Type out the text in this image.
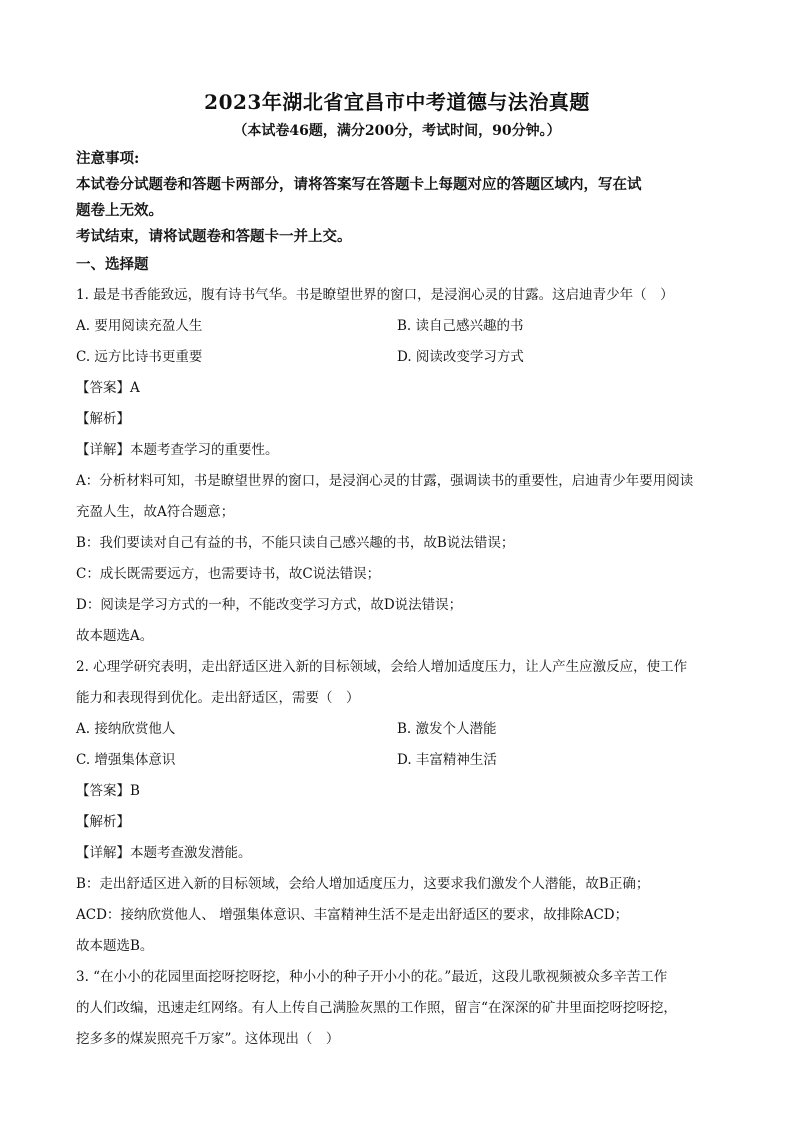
2023年湖北省宜昌市中考道德与法治真题
（本试卷46题，满分200分，考试时间，90分钟。）
注意事项:
本试卷分试题卷和答题卡两部分，请将答案写在答题卡上每题对应的答题区域内，写在试
题卷上无效。
考试结束，请将试题卷和答题卡一并上交。
一、选择题
1. 最是书香能致远，腹有诗书气华。书是瞭望世界的窗口，是浸润心灵的甘露。这启迪青少年（　）
A. 要用阅读充盈人生	B. 读自己感兴趣的书
C. 远方比诗书更重要	D. 阅读改变学习方式
【答案】A
【解析】
【详解】本题考查学习的重要性。
A：分析材料可知，书是瞭望世界的窗口，是浸润心灵的甘露，强调读书的重要性，启迪青少年要用阅读
充盈人生，故A符合题意；
B：我们要读对自己有益的书，不能只读自己感兴趣的书，故B说法错误；
C：成长既需要远方，也需要诗书，故C说法错误；
D：阅读是学习方式的一种，不能改变学习方式，故D说法错误；
故本题选A。
2. 心理学研究表明，走出舒适区进入新的目标领域，会给人增加适度压力，让人产生应激反应，使工作
能力和表现得到优化。走出舒适区，需要（　）
A. 接纳欣赏他人	B. 激发个人潜能
C. 增强集体意识	D. 丰富精神生活
【答案】B
【解析】
【详解】本题考查激发潜能。
B：走出舒适区进入新的目标领域，会给人增加适度压力，这要求我们激发个人潜能，故B正确；
ACD：接纳欣赏他人、 增强集体意识、丰富精神生活不是走出舒适区的要求，故排除ACD；
故本题选B。
3. “在小小的花园里面挖呀挖呀挖，种小小的种子开小小的花。”最近，这段儿歌视频被众多辛苦工作
的人们改编，迅速走红网络。有人上传自己满脸灰黑的工作照，留言“在深深的矿井里面挖呀挖呀挖，
挖多多的煤炭照亮千万家”。这体现出（　）
